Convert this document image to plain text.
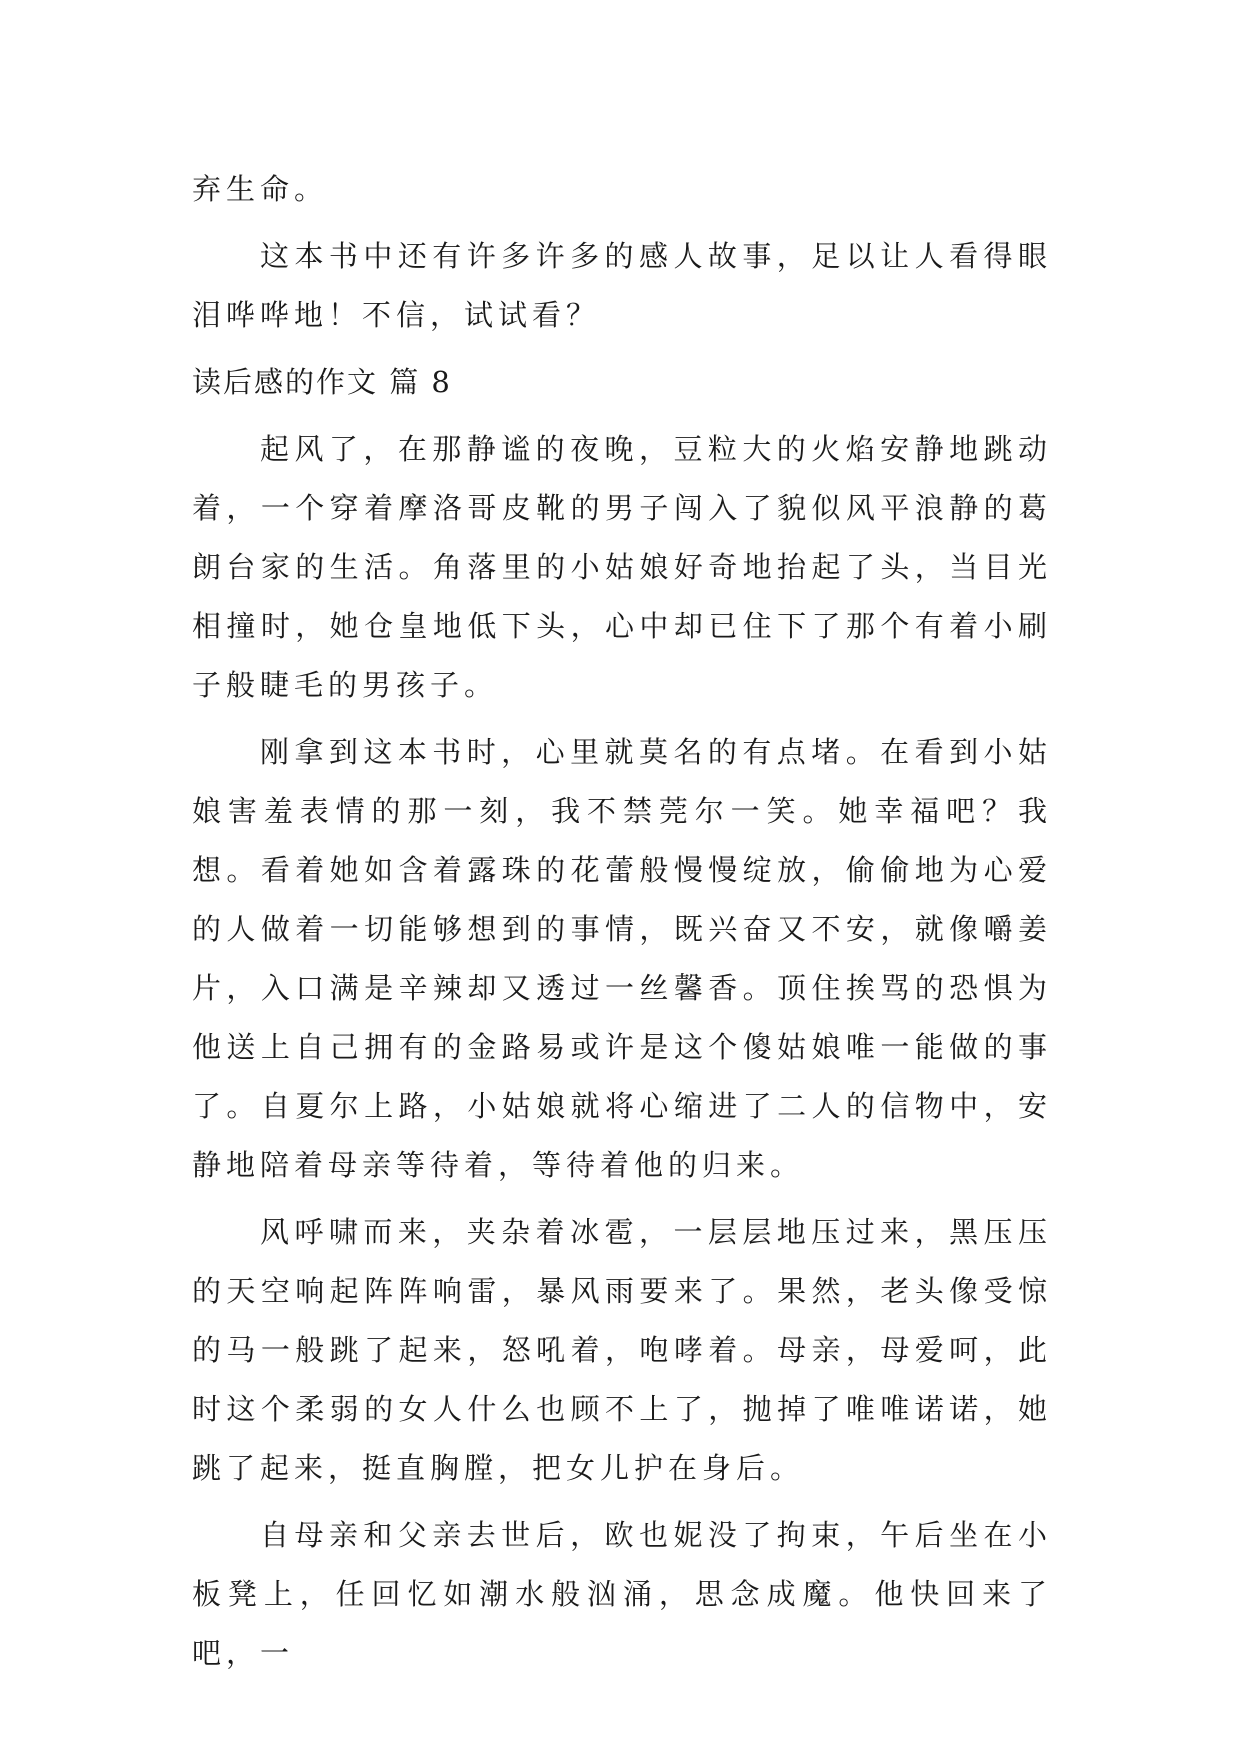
弃生命。

这本书中还有许多许多的感人故事，足以让人看得眼泪哗哗地！不信，试试看？

读后感的作文 篇 8

起风了，在那静谧的夜晚，豆粒大的火焰安静地跳动着，一个穿着摩洛哥皮靴的男子闯入了貌似风平浪静的葛朗台家的生活。角落里的小姑娘好奇地抬起了头，当目光相撞时，她仓皇地低下头，心中却已住下了那个有着小刷子般睫毛的男孩子。

刚拿到这本书时，心里就莫名的有点堵。在看到小姑娘害羞表情的那一刻，我不禁莞尔一笑。她幸福吧？我想。看着她如含着露珠的花蕾般慢慢绽放，偷偷地为心爱的人做着一切能够想到的事情，既兴奋又不安，就像嚼姜片，入口满是辛辣却又透过一丝馨香。顶住挨骂的恐惧为他送上自己拥有的金路易或许是这个傻姑娘唯一能做的事了。自夏尔上路，小姑娘就将心缩进了二人的信物中，安静地陪着母亲等待着，等待着他的归来。

风呼啸而来，夹杂着冰雹，一层层地压过来，黑压压的天空响起阵阵响雷，暴风雨要来了。果然，老头像受惊的马一般跳了起来，怒吼着，咆哮着。母亲，母爱呵，此时这个柔弱的女人什么也顾不上了，抛掉了唯唯诺诺，她跳了起来，挺直胸膛，把女儿护在身后。

自母亲和父亲去世后，欧也妮没了拘束，午后坐在小板凳上，任回忆如潮水般汹涌，思念成魔。他快回来了吧，一
